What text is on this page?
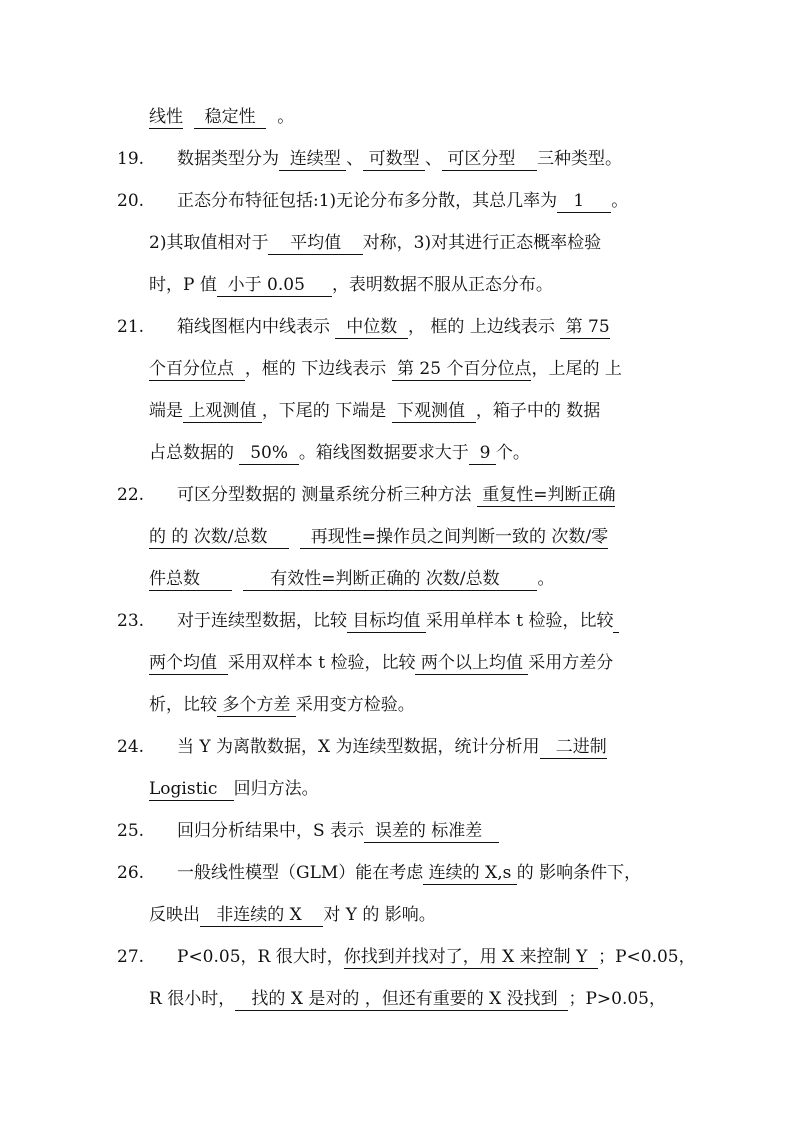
线性    稳定性    。
19. 数据类型分为  连续型 、 可数型 、 可区分型    三种类型。
20. 正态分布特征包括:1)无论分布多分散，其总几率为   1     。
2)其取值相对于    平均值    对称，3)对其进行正态概率检验
时，P 值  小于 0.05     ，表明数据不服从正态分布。
21. 箱线图框内中线表示   中位数  ， 框的 上边线表示  第 75
个百分位点  ，框的 下边线表示  第 25 个百分位点，上尾的 上
端是 上观测值 ，下尾的 下端是  下观测值  ，箱子中的 数据
占总数据的   50%  。箱线图数据要求大于  9 个。
22. 可区分型数据的 测量系统分析三种方法  重复性=判断正确
的 的 次数/总数        再现性=操作员之间判断一致的 次数/零
件总数             有效性=判断正确的 次数/总数       。
23. 对于连续型数据，比较 目标均值 采用单样本 t 检验，比较
两个均值  采用双样本 t 检验，比较 两个以上均值 采用方差分
析，比较 多个方差 采用变方检验。
24. 当 Y 为离散数据，X 为连续型数据，统计分析用   二进制
Logistic   回归方法。
25. 回归分析结果中，S 表示  误差的 标准差
26. 一般线性模型（GLM）能在考虑 连续的 X,s 的 影响条件下，
反映出   非连续的 X    对 Y 的 影响。
27. P<0.05，R 很大时，你找到并找对了，用 X 来控制 Y  ；P<0.05，
R 很小时，   找的 X 是对的 ，但还有重要的 X 没找到  ；P>0.05，
